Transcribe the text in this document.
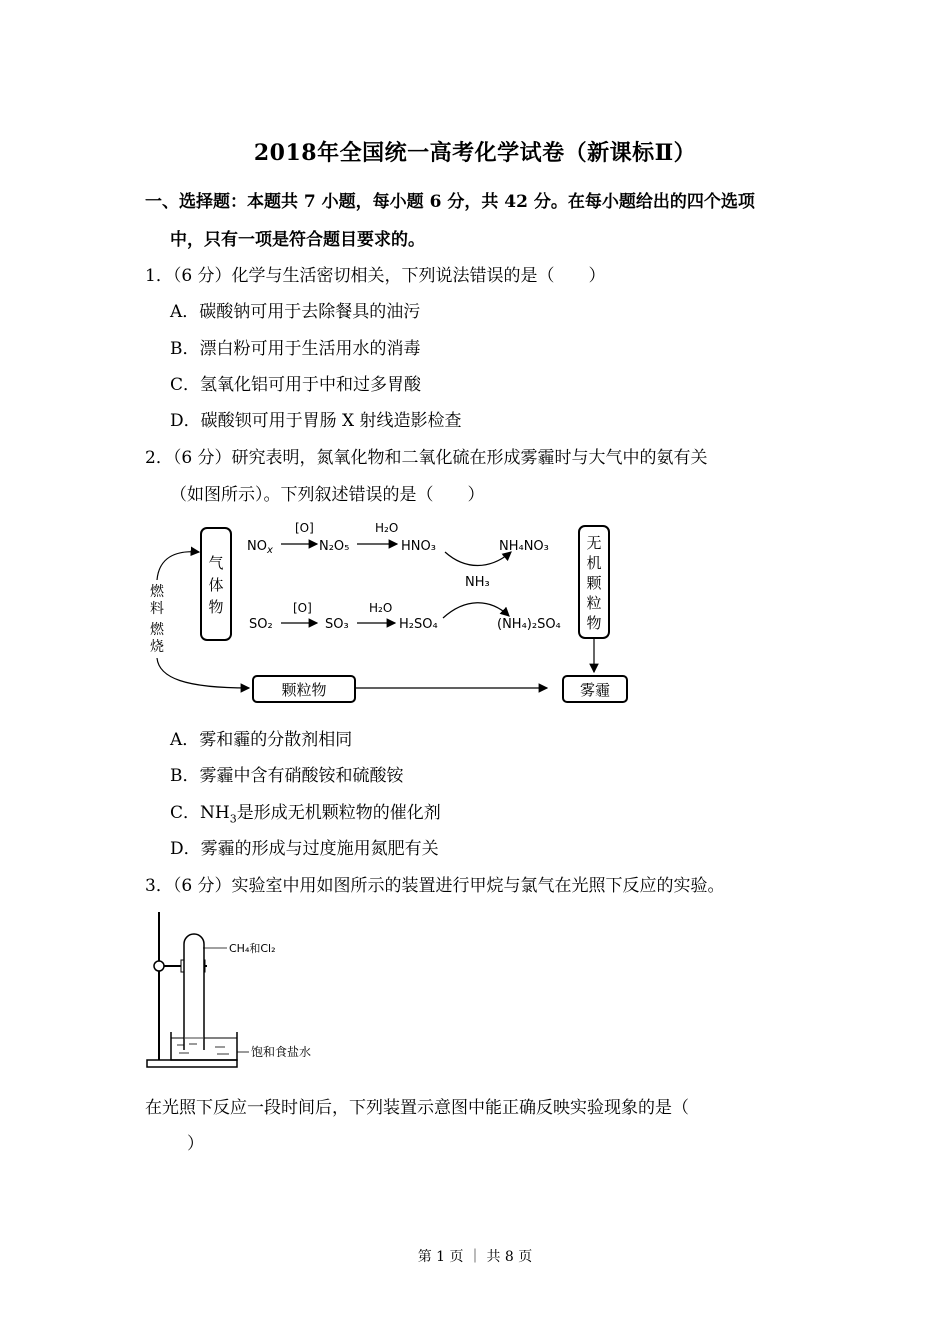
2018年全国统一高考化学试卷（新课标Ⅱ）
一、选择题：本题共 7 小题，每小题 6 分，共 42 分。在每小题给出的四个选项
中，只有一项是符合题目要求的。
1．（6 分）化学与生活密切相关，下列说法错误的是（　　）
A．碳酸钠可用于去除餐具的油污
B．漂白粉可用于生活用水的消毒
C．氢氧化铝可用于中和过多胃酸
D．碳酸钡可用于胃肠 X 射线造影检查
2．（6 分）研究表明，氮氧化物和二氧化硫在形成雾霾时与大气中的氨有关
（如图所示）。下列叙述错误的是（　　）
气
体
物
燃
料
燃
烧
颗粒物	雾霾
无
机
颗
粒
物
$NO_x$
[O]
N₂O₅
H₂O
HNO₃	NH₄NO₃
NH₃
SO₂
[O]
SO₃
H₂O
H₂SO₄	(NH₄)₂SO₄
A．雾和霾的分散剂相同
B．雾霾中含有硝酸铵和硫酸铵
C．$NH_3$是形成无机颗粒物的催化剂
D．雾霾的形成与过度施用氮肥有关
3．（6 分）实验室中用如图所示的装置进行甲烷与氯气在光照下反应的实验。
CH₄和Cl₂
饱和食盐水
在光照下反应一段时间后，下列装置示意图中能正确反映实验现象的是（
　）
第 1 页 ｜ 共 8 页
